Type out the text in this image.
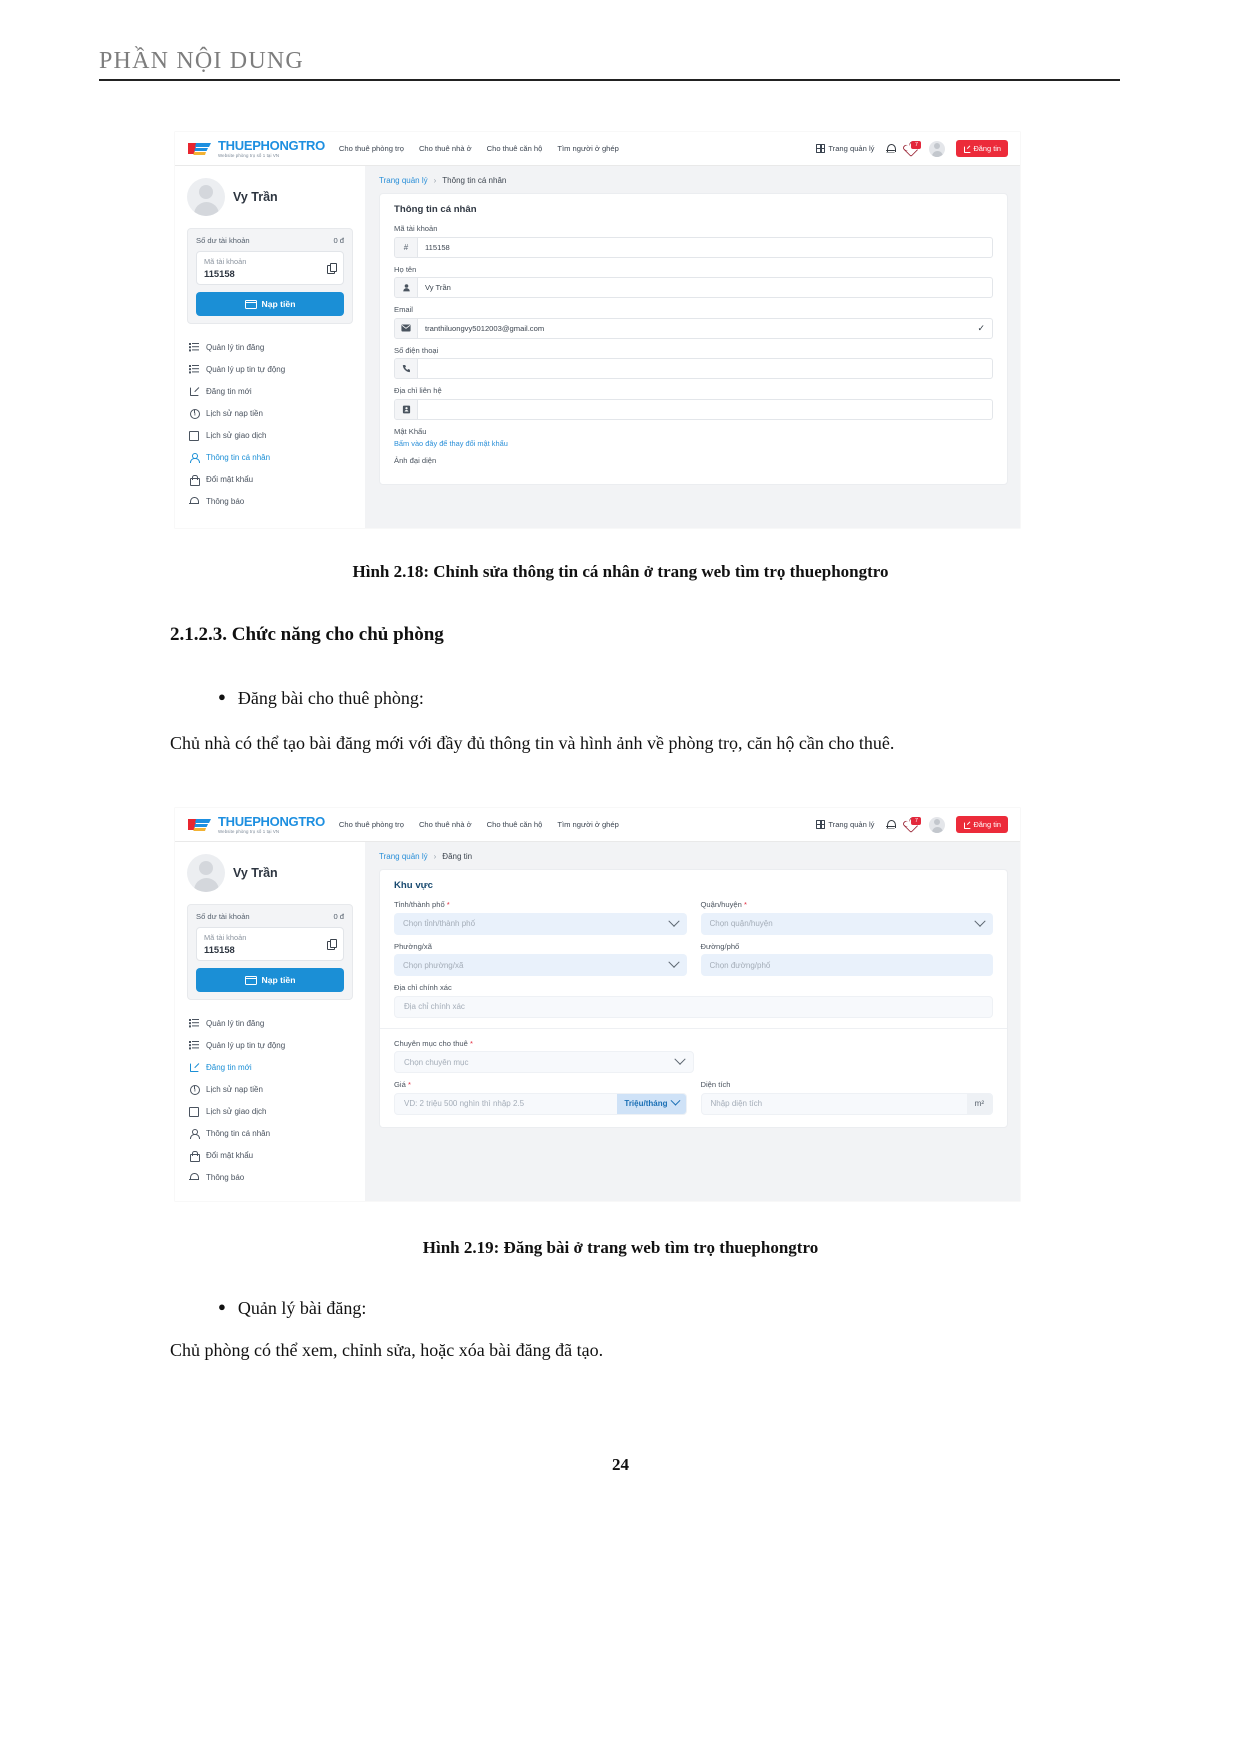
PHẦN NỘI DUNG
THUEPHONGTRO
Website phòng trọ số 1 tại VN
Cho thuê phòng trọ Cho thuê nhà ở Cho thuê căn hộ Tìm người ở ghép	Trang quản lý	7	Đăng tin
Vy Trần
Số dư tài khoản	0 đ
Mã tài khoản
115158
Nạp tiền
Quản lý tin đăng
Quản lý up tin tự động
Đăng tin mới
Lịch sử nạp tiền
Lịch sử giao dịch
Thông tin cá nhân
Đổi mật khẩu
Thông báo
Trang quản lý › Thông tin cá nhân
Thông tin cá nhân
Mã tài khoản
#	115158
Họ tên
Vy Trần
Email
tranthiluongvy5012003@gmail.com	✓
Số điện thoại
Địa chỉ liên hệ
Mật Khẩu
Bấm vào đây để thay đổi mật khẩu
Ảnh đại diện
Hình 2.18: Chỉnh sửa thông tin cá nhân ở trang web tìm trọ thuephongtro
2.1.2.3. Chức năng cho chủ phòng
● Đăng bài cho thuê phòng:
Chủ nhà có thể tạo bài đăng mới với đầy đủ thông tin và hình ảnh về phòng trọ, căn hộ cần cho thuê.
THUEPHONGTRO
Website phòng trọ số 1 tại VN
Cho thuê phòng trọ Cho thuê nhà ở Cho thuê căn hộ Tìm người ở ghép	Trang quản lý	7	Đăng tin
Vy Trần
Số dư tài khoản	0 đ
Mã tài khoản
115158
Nạp tiền
Quản lý tin đăng
Quản lý up tin tự động
Đăng tin mới
Lịch sử nạp tiền
Lịch sử giao dịch
Thông tin cá nhân
Đổi mật khẩu
Thông báo
Trang quản lý › Đăng tin
Khu vực
Tỉnh/thành phố *
Chọn tỉnh/thành phố
Quận/huyện *
Chọn quận/huyện
Phường/xã
Chọn phường/xã
Đường/phố
Chọn đường/phố
Địa chỉ chính xác
Địa chỉ chính xác
Chuyên mục cho thuê *
Chọn chuyên mục
Giá *
VD: 2 triệu 500 nghìn thì nhập 2.5	Triệu/tháng
Diện tích
Nhập diện tích	m²
Hình 2.19: Đăng bài ở trang web tìm trọ thuephongtro
● Quản lý bài đăng:
Chủ phòng có thể xem, chỉnh sửa, hoặc xóa bài đăng đã tạo.
24
